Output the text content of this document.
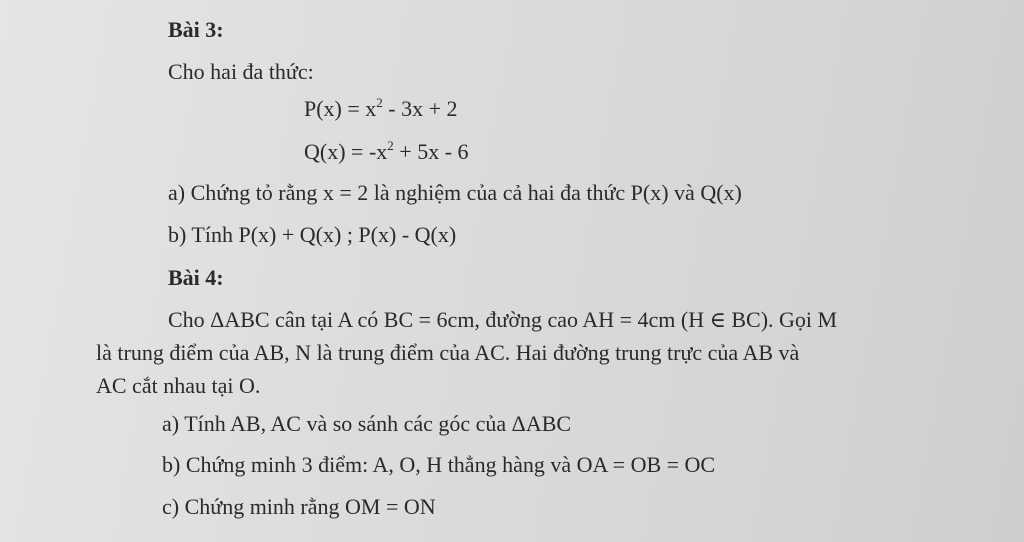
Bài 3:
Cho hai đa thức:
$P(x) = x^2 - 3x + 2$
$Q(x) = -x^2 + 5x - 6$
a) Chứng tỏ rằng x = 2 là nghiệm của cả hai đa thức P(x) và Q(x)
b) Tính P(x) + Q(x) ; P(x) - Q(x)
Bài 4:
Cho ΔABC cân tại A có BC = 6cm, đường cao AH = 4cm (H ∈ BC). Gọi M
là trung điểm của AB, N là trung điểm của AC. Hai đường trung trực của AB và
AC cắt nhau tại O.
a) Tính AB, AC và so sánh các góc của ΔABC
b) Chứng minh 3 điểm: A, O, H thẳng hàng và OA = OB = OC
c) Chứng minh rằng OM = ON
